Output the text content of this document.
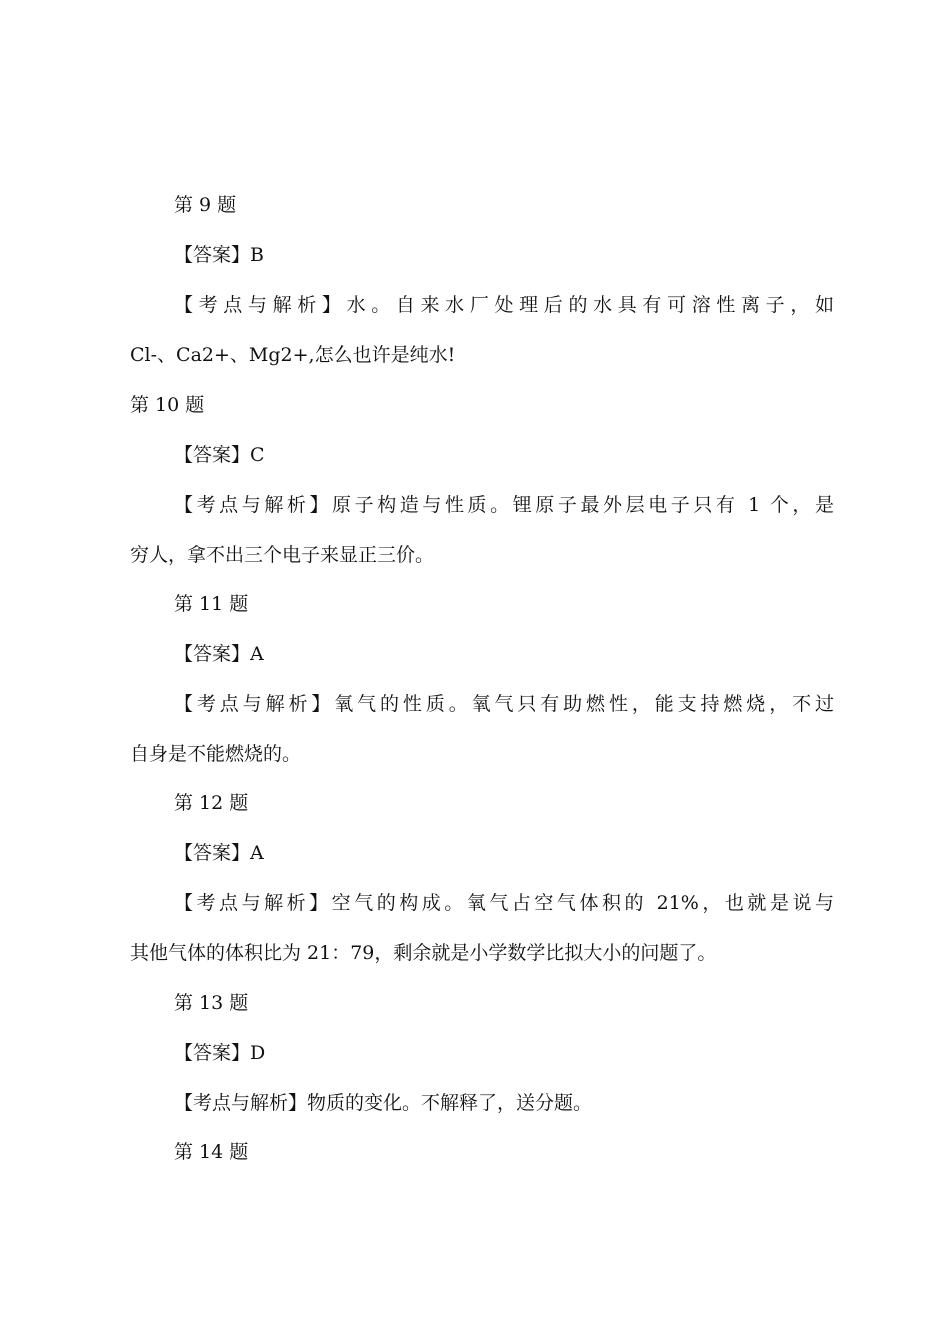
第 9 题
【答案】B
【考点与解析】水。自来水厂处理后的水具有可溶性离子，如
Cl-、Ca2+、Mg2+,怎么也许是纯水!
第 10 题
【答案】C
【考点与解析】原子构造与性质。锂原子最外层电子只有 1 个，是
穷人，拿不出三个电子来显正三价。
第 11 题
【答案】A
【考点与解析】氧气的性质。氧气只有助燃性，能支持燃烧，不过
自身是不能燃烧的。
第 12 题
【答案】A
【考点与解析】空气的构成。氧气占空气体积的 21%，也就是说与
其他气体的体积比为 21：79，剩余就是小学数学比拟大小的问题了。
第 13 题
【答案】D
【考点与解析】物质的变化。不解释了，送分题。
第 14 题
